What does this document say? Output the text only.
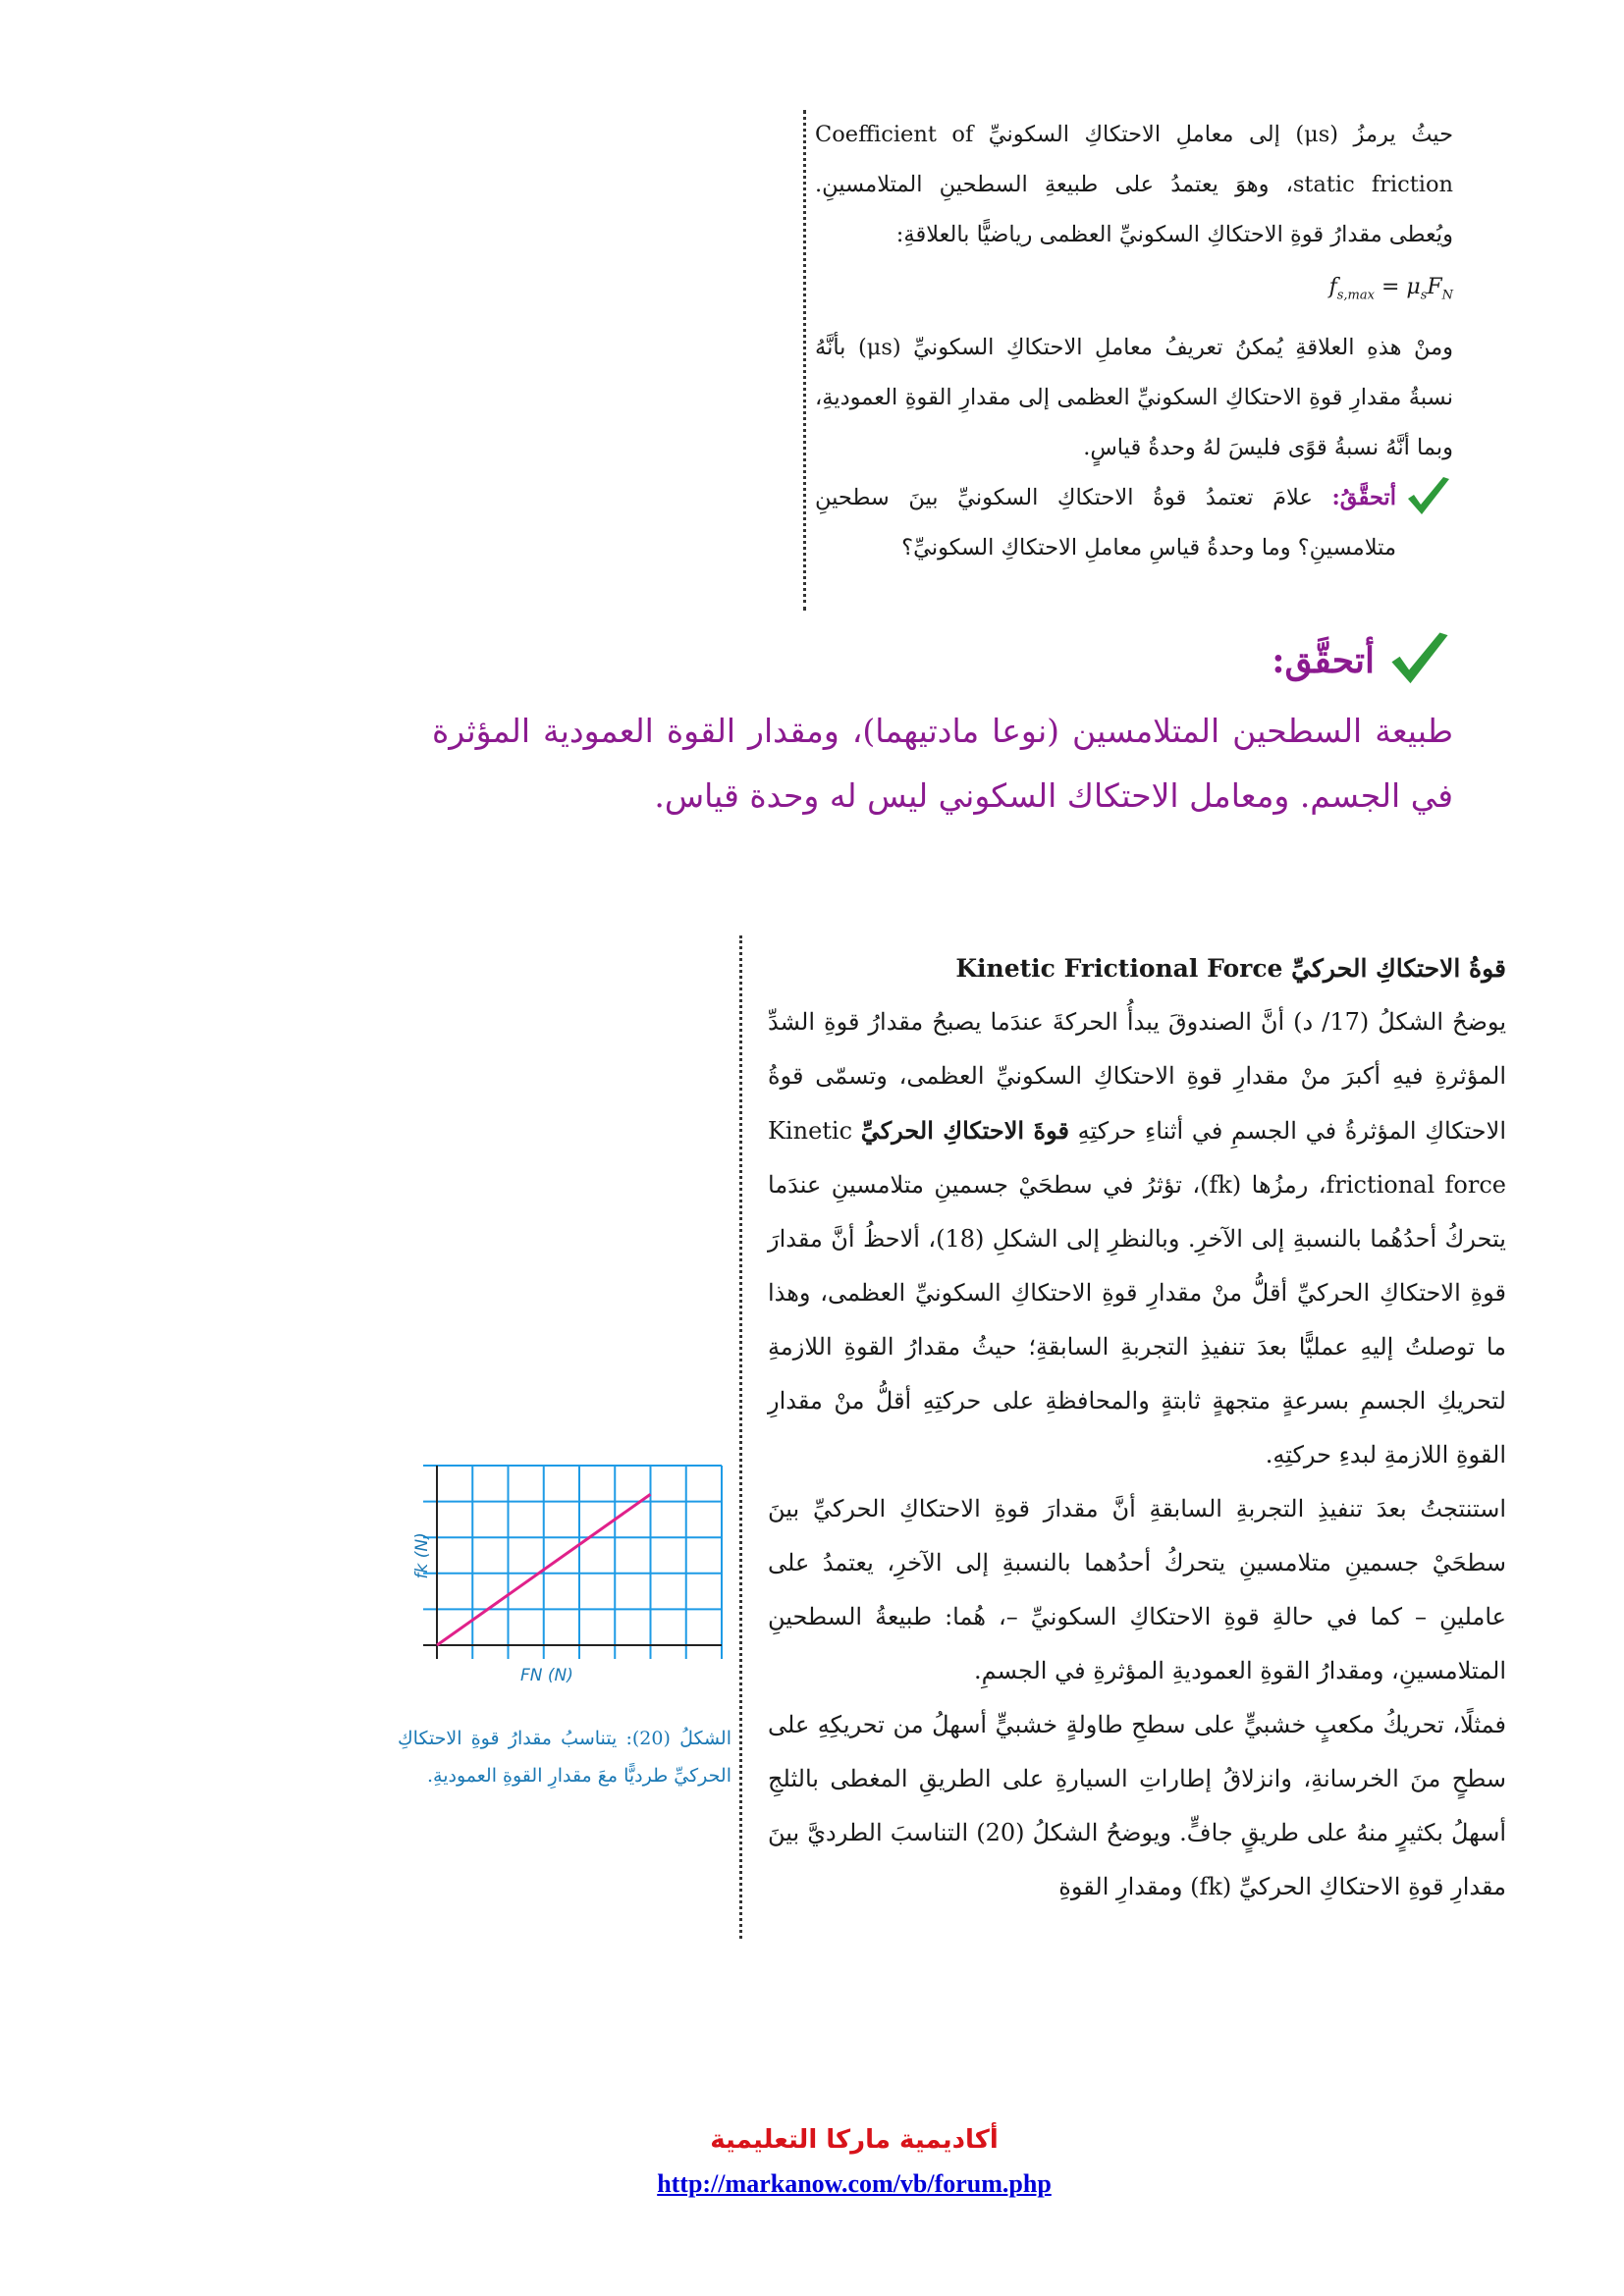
حيثُ يرمزُ (μs) إلى معاملِ الاحتكاكِ السكونيِّ Coefficient of static friction، وهوَ يعتمدُ على طبيعةِ السطحينِ المتلامسينِ. ويُعطى مقدارُ قوةِ الاحتكاكِ السكونيِّ العظمى رياضيًّا بالعلاقةِ:

$f_{s,max} = \mu_sF_N$

ومنْ هذهِ العلاقةِ يُمكنُ تعريفُ معاملِ الاحتكاكِ السكونيِّ (μs) بأنَّهُ نسبةُ مقدارِ قوةِ الاحتكاكِ السكونيِّ العظمى إلى مقدارِ القوةِ العموديةِ، وبما أنَّهُ نسبةُ قوًى فليسَ لهُ وحدةُ قياسٍ.

أتحقَّقُ: علامَ تعتمدُ قوةُ الاحتكاكِ السكونيِّ بينَ سطحينِ متلامسينِ؟ وما وحدةُ قياسِ معاملِ الاحتكاكِ السكونيِّ؟

أتحقَّق:

طبيعة السطحين المتلامسين (نوعا مادتيهما)، ومقدار القوة العمودية المؤثرة في الجسم. ومعامل الاحتكاك السكوني ليس له وحدة قياس.

قوةُ الاحتكاكِ الحركيِّ Kinetic Frictional Force

يوضحُ الشكلُ (17/ د) أنَّ الصندوقَ يبدأُ الحركةَ عندَما يصبحُ مقدارُ قوةِ الشدِّ المؤثرةِ فيهِ أكبرَ منْ مقدارِ قوةِ الاحتكاكِ السكونيِّ العظمى، وتسمّى قوةُ الاحتكاكِ المؤثرةُ في الجسمِ في أثناءِ حركتِهِ قوةَ الاحتكاكِ الحركيِّ Kinetic frictional force، رمزُها (fk)، تؤثرُ في سطحَيْ جسمينِ متلامسينِ عندَما يتحركُ أحدُهُما بالنسبةِ إلى الآخرِ. وبالنظرِ إلى الشكلِ (18)، ألاحظُ أنَّ مقدارَ قوةِ الاحتكاكِ الحركيِّ أقلُّ منْ مقدارِ قوةِ الاحتكاكِ السكونيِّ العظمى، وهذا ما توصلتُ إليهِ عمليًّا بعدَ تنفيذِ التجربةِ السابقةِ؛ حيثُ مقدارُ القوةِ اللازمةِ لتحريكِ الجسمِ بسرعةٍ متجهةٍ ثابتةٍ والمحافظةِ على حركتِهِ أقلُّ منْ مقدارِ القوةِ اللازمةِ لبدءِ حركتِهِ.

استنتجتُ بعدَ تنفيذِ التجربةِ السابقةِ أنَّ مقدارَ قوةِ الاحتكاكِ الحركيِّ بينَ سطحَيْ جسمينِ متلامسينِ يتحركُ أحدُهما بالنسبةِ إلى الآخرِ، يعتمدُ على عاملينِ – كما في حالةِ قوةِ الاحتكاكِ السكونيِّ –، هُما: طبيعةُ السطحينِ المتلامسينِ، ومقدارُ القوةِ العموديةِ المؤثرةِ في الجسمِ.

فمثلًا، تحريكُ مكعبٍ خشبيٍّ على سطحِ طاولةٍ خشبيٍّ أسهلُ من تحريكِهِ على سطحٍ منَ الخرسانةِ، وانزلاقُ إطاراتِ السيارةِ على الطريقِ المغطى بالثلجِ أسهلُ بكثيرٍ منهُ على طريقٍ جافٍّ. ويوضحُ الشكلُ (20) التناسبَ الطرديَّ بينَ مقدارِ قوةِ الاحتكاكِ الحركيِّ (fk) ومقدارِ القوةِ

fk (N)
FN (N)
الشكلُ (20): يتناسبُ مقدارُ قوةِ الاحتكاكِ الحركيِّ طرديًّا معَ مقدارِ القوةِ العموديةِ.
أكاديمية ماركا التعليمية
http://markanow.com/vb/forum.php
